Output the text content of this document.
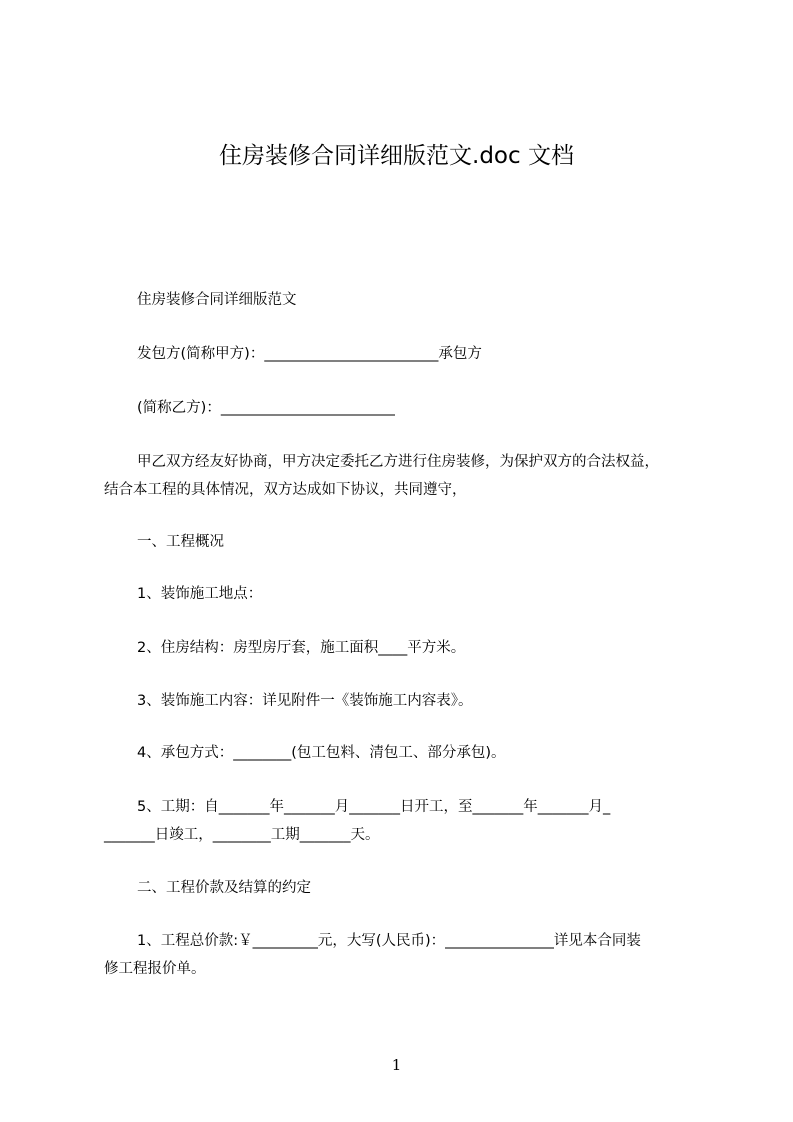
住房装修合同详细版范文.doc 文档
住房装修合同详细版范文
发包方(简称甲方)：________________________承包方
(简称乙方)：________________________
甲乙双方经友好协商，甲方决定委托乙方进行住房装修，为保护双方的合法权益，
结合本工程的具体情况，双方达成如下协议，共同遵守，
一、工程概况
1、装饰施工地点：
2、住房结构：房型房厅套，施工面积____平方米。
3、装饰施工内容：详见附件一《装饰施工内容表》。
4、承包方式：________(包工包料、清包工、部分承包)。
5、工期：自_______年_______月_______日开工，至_______年_______月_
_______日竣工，________工期_______天。
二、工程价款及结算的约定
1、工程总价款:￥_________元，大写(人民币)：_______________详见本合同装
修工程报价单。
1
